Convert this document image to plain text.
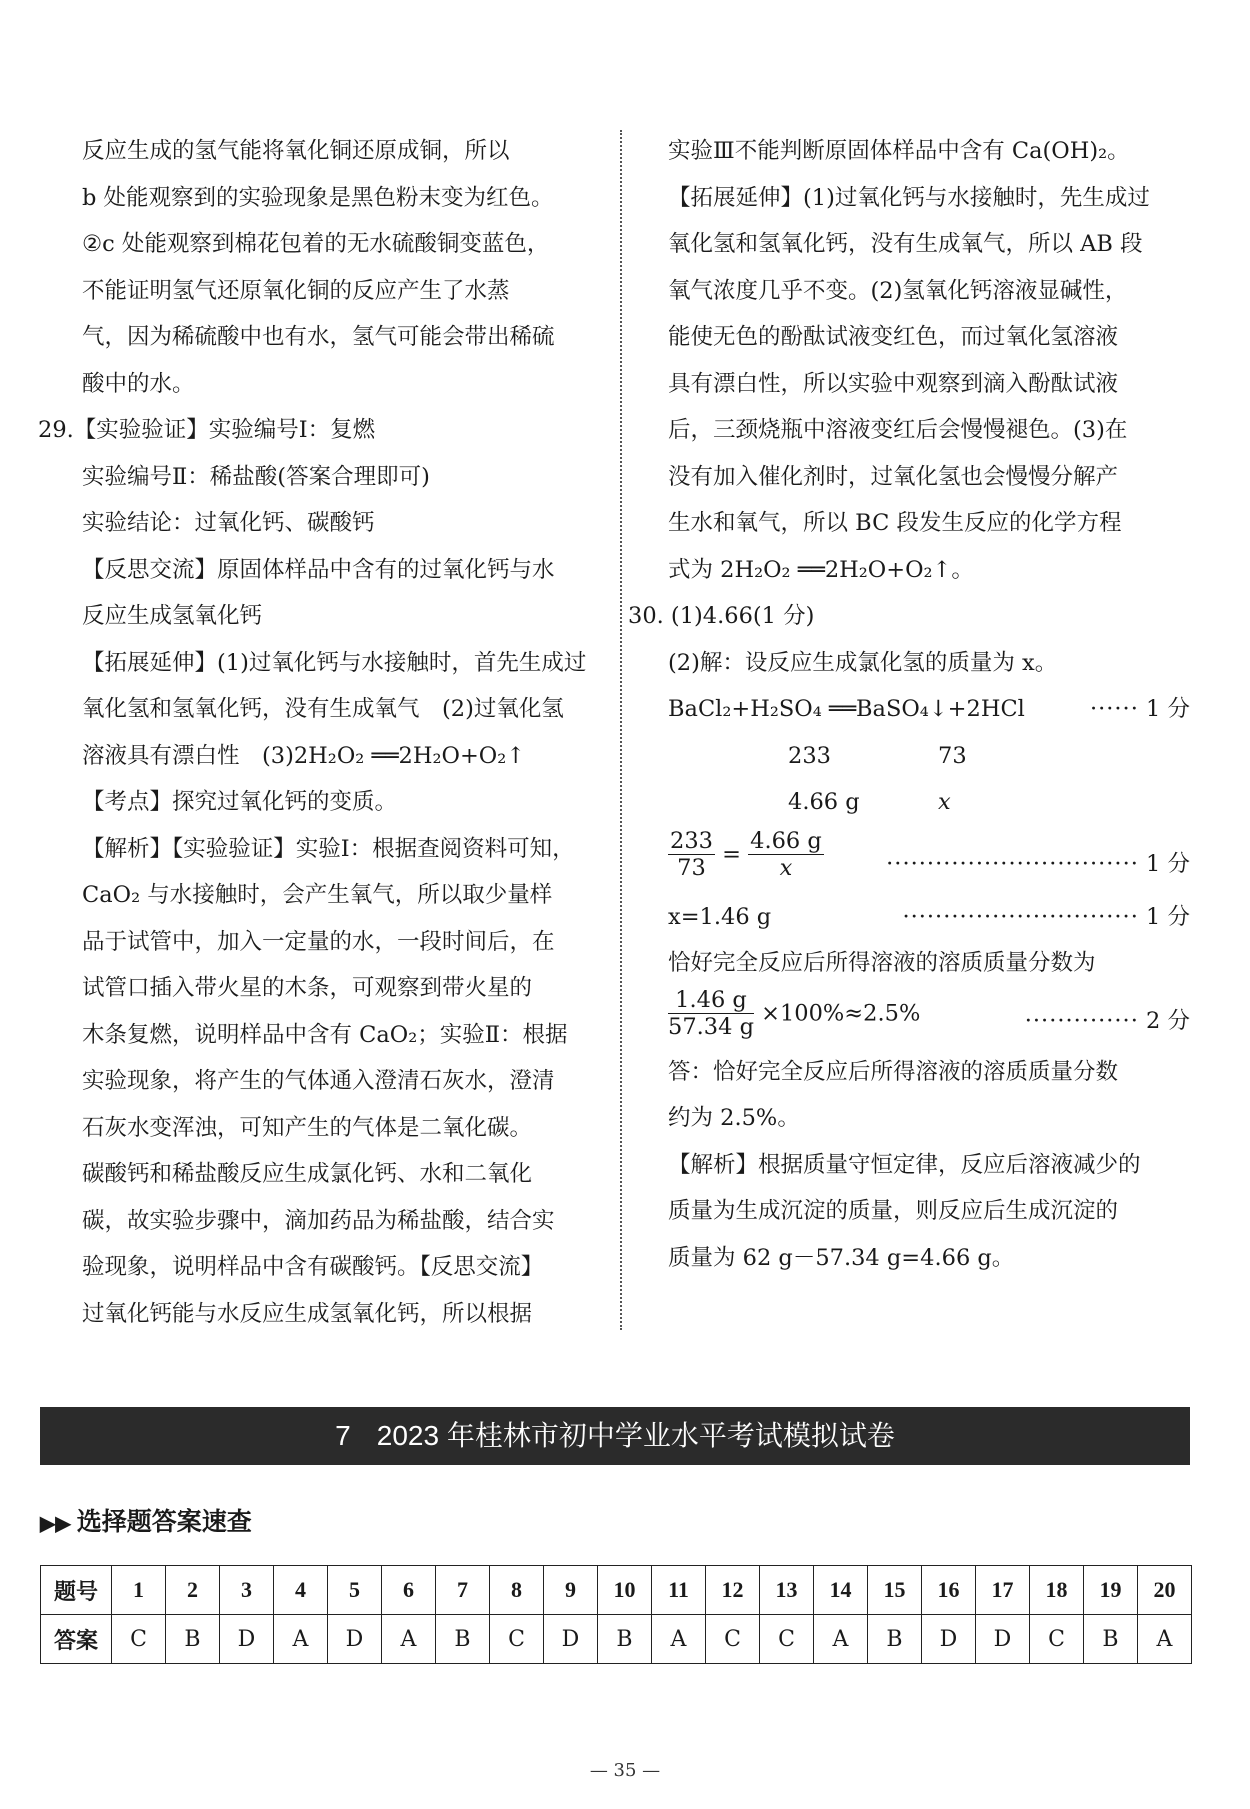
反应生成的氢气能将氧化铜还原成铜，所以
b 处能观察到的实验现象是黑色粉末变为红色。
②c 处能观察到棉花包着的无水硫酸铜变蓝色，
不能证明氢气还原氧化铜的反应产生了水蒸
气，因为稀硫酸中也有水，氢气可能会带出稀硫
酸中的水。
29.【实验验证】实验编号Ⅰ：复燃
实验编号Ⅱ：稀盐酸(答案合理即可)
实验结论：过氧化钙、碳酸钙
【反思交流】原固体样品中含有的过氧化钙与水
反应生成氢氧化钙
【拓展延伸】(1)过氧化钙与水接触时，首先生成过
氧化氢和氢氧化钙，没有生成氧气　(2)过氧化氢
溶液具有漂白性　(3)2H₂O₂ ══2H₂O+O₂↑
【考点】探究过氧化钙的变质。
【解析】【实验验证】实验Ⅰ：根据查阅资料可知，
CaO₂ 与水接触时，会产生氧气，所以取少量样
品于试管中，加入一定量的水，一段时间后，在
试管口插入带火星的木条，可观察到带火星的
木条复燃，说明样品中含有 CaO₂；实验Ⅱ：根据
实验现象，将产生的气体通入澄清石灰水，澄清
石灰水变浑浊，可知产生的气体是二氧化碳。
碳酸钙和稀盐酸反应生成氯化钙、水和二氧化
碳，故实验步骤中，滴加药品为稀盐酸，结合实
验现象，说明样品中含有碳酸钙。【反思交流】
过氧化钙能与水反应生成氢氧化钙，所以根据
实验Ⅲ不能判断原固体样品中含有 Ca(OH)₂。
【拓展延伸】(1)过氧化钙与水接触时，先生成过
氧化氢和氢氧化钙，没有生成氧气，所以 AB 段
氧气浓度几乎不变。(2)氢氧化钙溶液显碱性，
能使无色的酚酞试液变红色，而过氧化氢溶液
具有漂白性，所以实验中观察到滴入酚酞试液
后，三颈烧瓶中溶液变红后会慢慢褪色。(3)在
没有加入催化剂时，过氧化氢也会慢慢分解产
生水和氧气，所以 BC 段发生反应的化学方程
式为 2H₂O₂ ══2H₂O+O₂↑。
30. (1)4.66(1 分)
(2)解：设反应生成氯化氢的质量为 x。
BaCl₂+H₂SO₄ ══BaSO₄↓+2HCl	······ 1 分
233	73
4.66 g	x
$\frac{233}{73} = \frac{4.66 g}{x}$	······························· 1 分
x=1.46 g	····························· 1 分
恰好完全反应后所得溶液的溶质质量分数为
$\frac{1.46 g}{57.34 g} \times 100\%\approx 2.5\%$	·············· 2 分
答：恰好完全反应后所得溶液的溶质质量分数
约为 2.5%。
【解析】根据质量守恒定律，反应后溶液减少的
质量为生成沉淀的质量，则反应后生成沉淀的
质量为 62 g－57.34 g=4.66 g。
7 2023 年桂林市初中学业水平考试模拟试卷
▶▶ 选择题答案速查
题号	1	2	3	4	5	6	7	8	9	10	11	12	13	14	15	16	17	18	19	20
答案	C	B	D	A	D	A	B	C	D	B	A	C	C	A	B	D	D	C	B	A
— 35 —
